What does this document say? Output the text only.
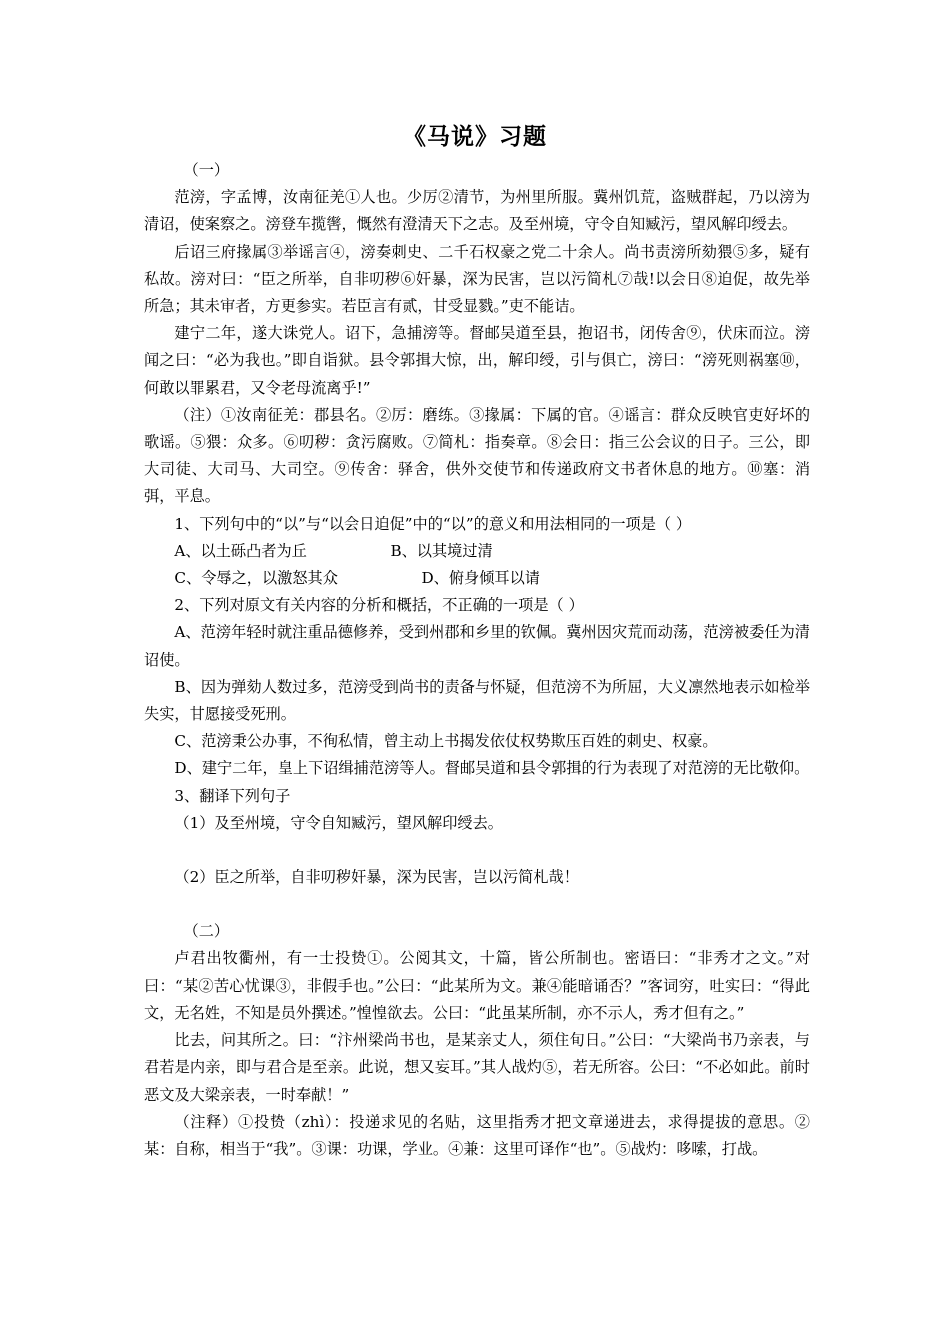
《马说》习题

（一）

范滂，字孟博，汝南征羌①人也。少厉②清节，为州里所服。冀州饥荒，盗贼群起，乃以滂为清诏，使案察之。滂登车揽辔，慨然有澄清天下之志。及至州境，守令自知臧污，望风解印绶去。

后诏三府掾属③举谣言④，滂奏刺史、二千石权豪之党二十余人。尚书责滂所劾猥⑤多，疑有私故。滂对曰：“臣之所举，自非叨秽⑥奸暴，深为民害，岂以污简札⑦哉!以会日⑧迫促，故先举所急；其未审者，方更参实。若臣言有贰，甘受显戮。”吏不能诘。

建宁二年，遂大诛党人。诏下，急捕滂等。督邮吴道至县，抱诏书，闭传舍⑨，伏床而泣。滂闻之曰：“必为我也。”即自诣狱。县令郭揖大惊，出，解印绶，引与俱亡，滂曰：“滂死则祸塞⑩，何敢以罪累君，又令老母流离乎!”

（注）①汝南征羌：郡县名。②厉：磨练。③掾属：下属的官。④谣言：群众反映官吏好坏的歌谣。⑤猥：众多。⑥叨秽：贪污腐败。⑦简札：指奏章。⑧会日：指三公会议的日子。三公，即大司徒、大司马、大司空。⑨传舍：驿舍，供外交使节和传递政府文书者休息的地方。⑩塞：消弭，平息。

1、下列句中的“以”与“以会日迫促”中的“以”的意义和用法相同的一项是（ ）

A、以土砾凸者为丘	B、以其境过清

C、令辱之，以激怒其众	D、俯身倾耳以请

2、下列对原文有关内容的分析和概括，不正确的一项是（ ）

A、范滂年轻时就注重品德修养，受到州郡和乡里的钦佩。冀州因灾荒而动荡，范滂被委任为清诏使。

B、因为弹劾人数过多，范滂受到尚书的责备与怀疑，但范滂不为所屈，大义凛然地表示如检举失实，甘愿接受死刑。

C、范滂秉公办事，不徇私情，曾主动上书揭发依仗权势欺压百姓的刺史、权豪。

D、建宁二年，皇上下诏缉捕范滂等人。督邮吴道和县令郭揖的行为表现了对范滂的无比敬仰。

3、翻译下列句子

（1）及至州境，守令自知臧污，望风解印绶去。

（2）臣之所举，自非叨秽奸暴，深为民害，岂以污简札哉！

（二）

卢君出牧衢州，有一士投贽①。公阅其文，十篇，皆公所制也。密语曰：“非秀才之文。”对曰：“某②苦心忧课③，非假手也。”公曰：“此某所为文。兼④能暗诵否？”客词穷，吐实曰：“得此文，无名姓，不知是员外撰述。”惶惶欲去。公曰：“此虽某所制，亦不示人，秀才但有之。”

比去，问其所之。曰：“汴州梁尚书也，是某亲丈人，须住旬日。”公曰：“大梁尚书乃亲表，与君若是内亲，即与君合是至亲。此说，想又妄耳。”其人战灼⑤，若无所容。公曰：“不必如此。前时恶文及大梁亲表，一时奉献！”

（注释）①投贽（zhì）：投递求见的名贴，这里指秀才把文章递进去，求得提拔的意思。②某：自称，相当于“我”。③课：功课，学业。④兼：这里可译作“也”。⑤战灼：哆嗦，打战。
